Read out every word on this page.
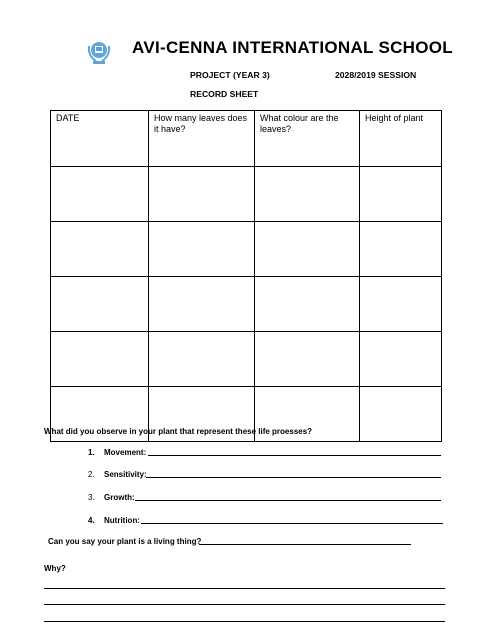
AVI-CENNA INTERNATIONAL SCHOOL
PROJECT (YEAR 3)	2028/2019 SESSION
RECORD SHEET
DATE	How many leaves does it have?	What colour are the leaves?	Height of plant

What did you observe in your plant that represent these life proesses?
1. Movement:
2. Sensitivity:
3. Growth:
4. Nutrition:
Can you say your plant is a living thing?
Why?
